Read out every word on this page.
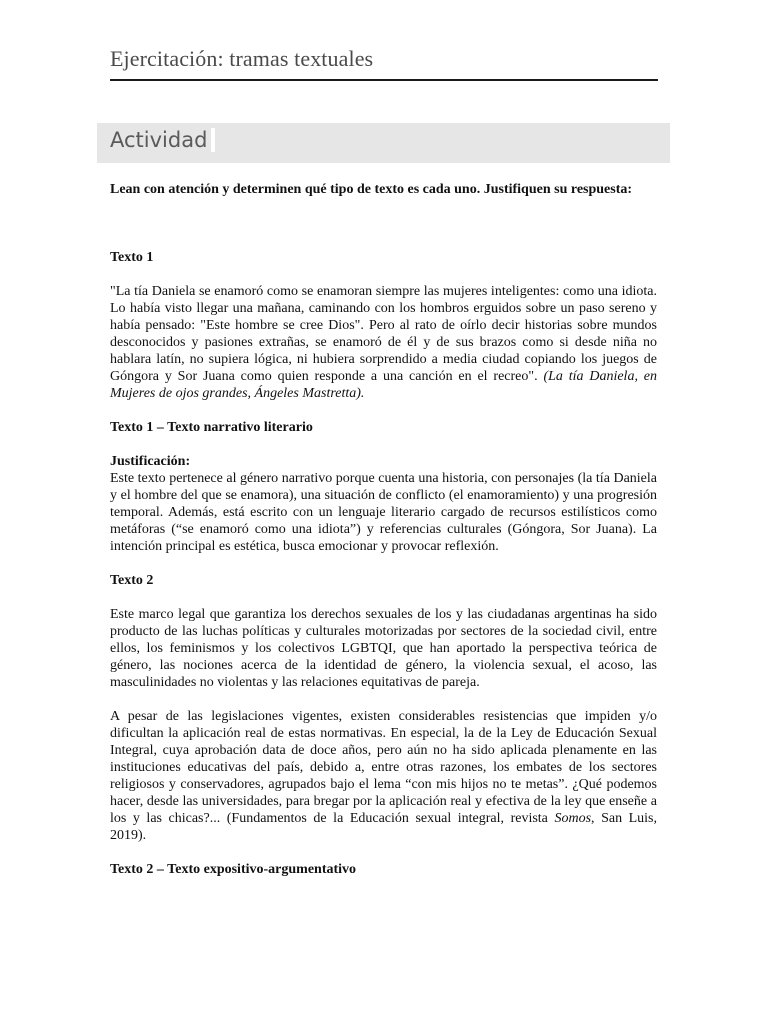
Ejercitación: tramas textuales
Actividad

Lean con atención y determinen qué tipo de texto es cada uno. Justifiquen su respuesta:

Texto 1

"La tía Daniela se enamoró como se enamoran siempre las mujeres inteligentes: como una idiota. Lo había visto llegar una mañana, caminando con los hombros erguidos sobre un paso sereno y había pensado: "Este hombre se cree Dios". Pero al rato de oírlo decir historias sobre mundos desconocidos y pasiones extrañas, se enamoró de él y de sus brazos como si desde niña no hablara latín, no supiera lógica, ni hubiera sorprendido a media ciudad copiando los juegos de Góngora y Sor Juana como quien responde a una canción en el recreo". (La tía Daniela, en Mujeres de ojos grandes, Ángeles Mastretta).

Texto 1 – Texto narrativo literario

Justificación:

Este texto pertenece al género narrativo porque cuenta una historia, con personajes (la tía Daniela y el hombre del que se enamora), una situación de conflicto (el enamoramiento) y una progresión temporal. Además, está escrito con un lenguaje literario cargado de recursos estilísticos como metáforas (“se enamoró como una idiota”) y referencias culturales (Góngora, Sor Juana). La intención principal es estética, busca emocionar y provocar reflexión.

Texto 2

Este marco legal que garantiza los derechos sexuales de los y las ciudadanas argentinas ha sido producto de las luchas políticas y culturales motorizadas por sectores de la sociedad civil, entre ellos, los feminismos y los colectivos LGBTQI, que han aportado la perspectiva teórica de género, las nociones acerca de la identidad de género, la violencia sexual, el acoso, las masculinidades no violentas y las relaciones equitativas de pareja.

A pesar de las legislaciones vigentes, existen considerables resistencias que impiden y/o dificultan la aplicación real de estas normativas. En especial, la de la Ley de Educación Sexual Integral, cuya aprobación data de doce años, pero aún no ha sido aplicada plenamente en las instituciones educativas del país, debido a, entre otras razones, los embates de los sectores religiosos y conservadores, agrupados bajo el lema “con mis hijos no te metas”. ¿Qué podemos hacer, desde las universidades, para bregar por la aplicación real y efectiva de la ley que enseñe a los y las chicas?... (Fundamentos de la Educación sexual integral, revista Somos, San Luis, 2019).

Texto 2 – Texto expositivo-argumentativo
